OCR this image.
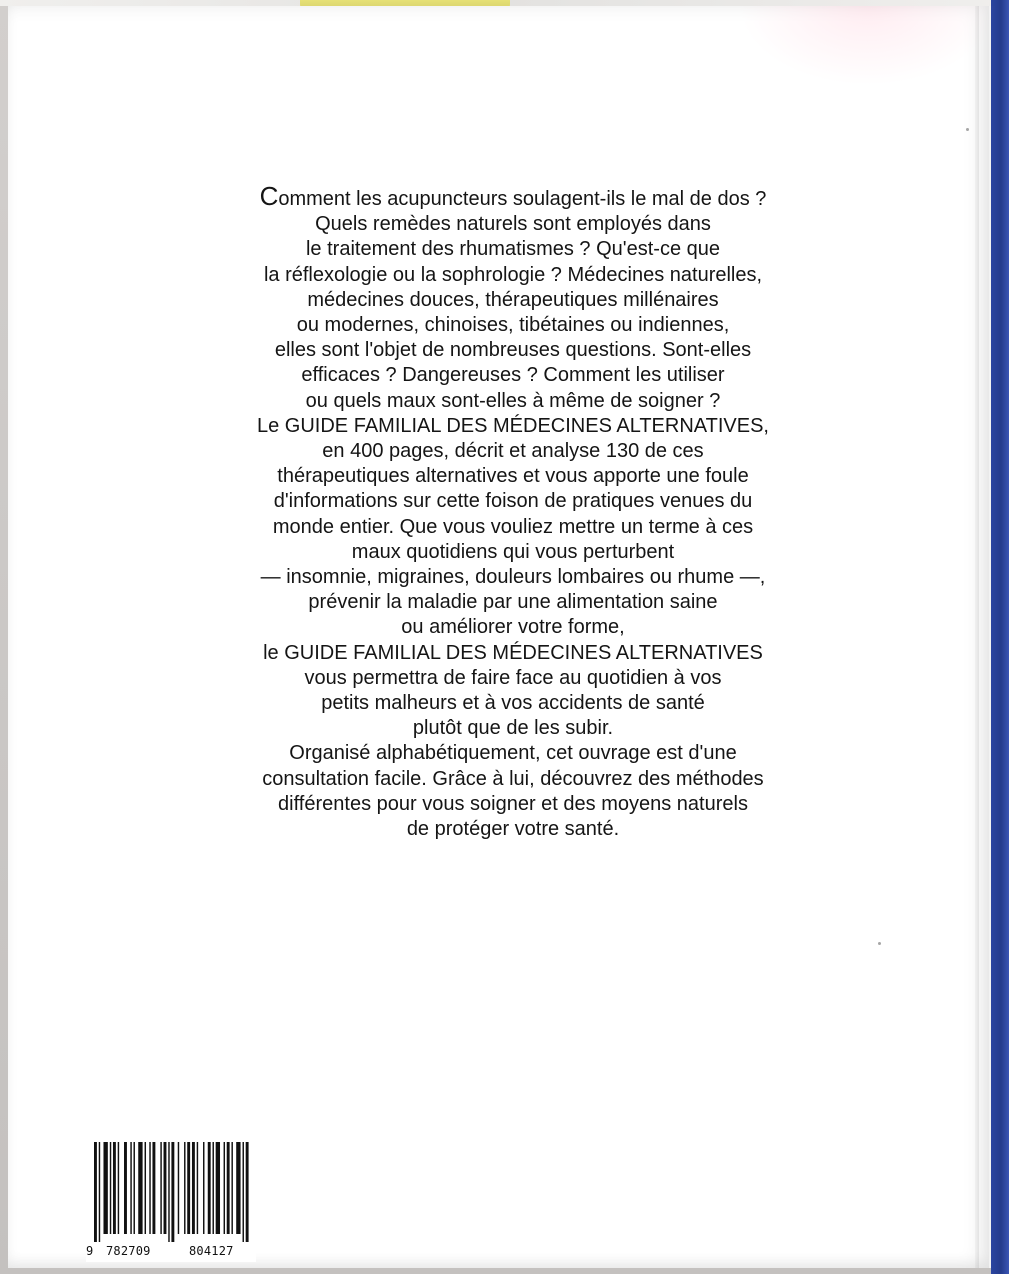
Comment les acupuncteurs soulagent-ils le mal de dos ?
Quels remèdes naturels sont employés dans
le traitement des rhumatismes ? Qu'est-ce que
la réflexologie ou la sophrologie ? Médecines naturelles,
médecines douces, thérapeutiques millénaires
ou modernes, chinoises, tibétaines ou indiennes,
elles sont l'objet de nombreuses questions. Sont-elles
efficaces ? Dangereuses ? Comment les utiliser
ou quels maux sont-elles à même de soigner ?
Le GUIDE FAMILIAL DES MÉDECINES ALTERNATIVES,
en 400 pages, décrit et analyse 130 de ces
thérapeutiques alternatives et vous apporte une foule
d'informations sur cette foison de pratiques venues du
monde entier. Que vous vouliez mettre un terme à ces
maux quotidiens qui vous perturbent
— insomnie, migraines, douleurs lombaires ou rhume —,
prévenir la maladie par une alimentation saine
ou améliorer votre forme,
le GUIDE FAMILIAL DES MÉDECINES ALTERNATIVES
vous permettra de faire face au quotidien à vos
petits malheurs et à vos accidents de santé
plutôt que de les subir.
Organisé alphabétiquement, cet ouvrage est d'une
consultation facile. Grâce à lui, découvrez des méthodes
différentes pour vous soigner et des moyens naturels
de protéger votre santé.

9 782709	804127
